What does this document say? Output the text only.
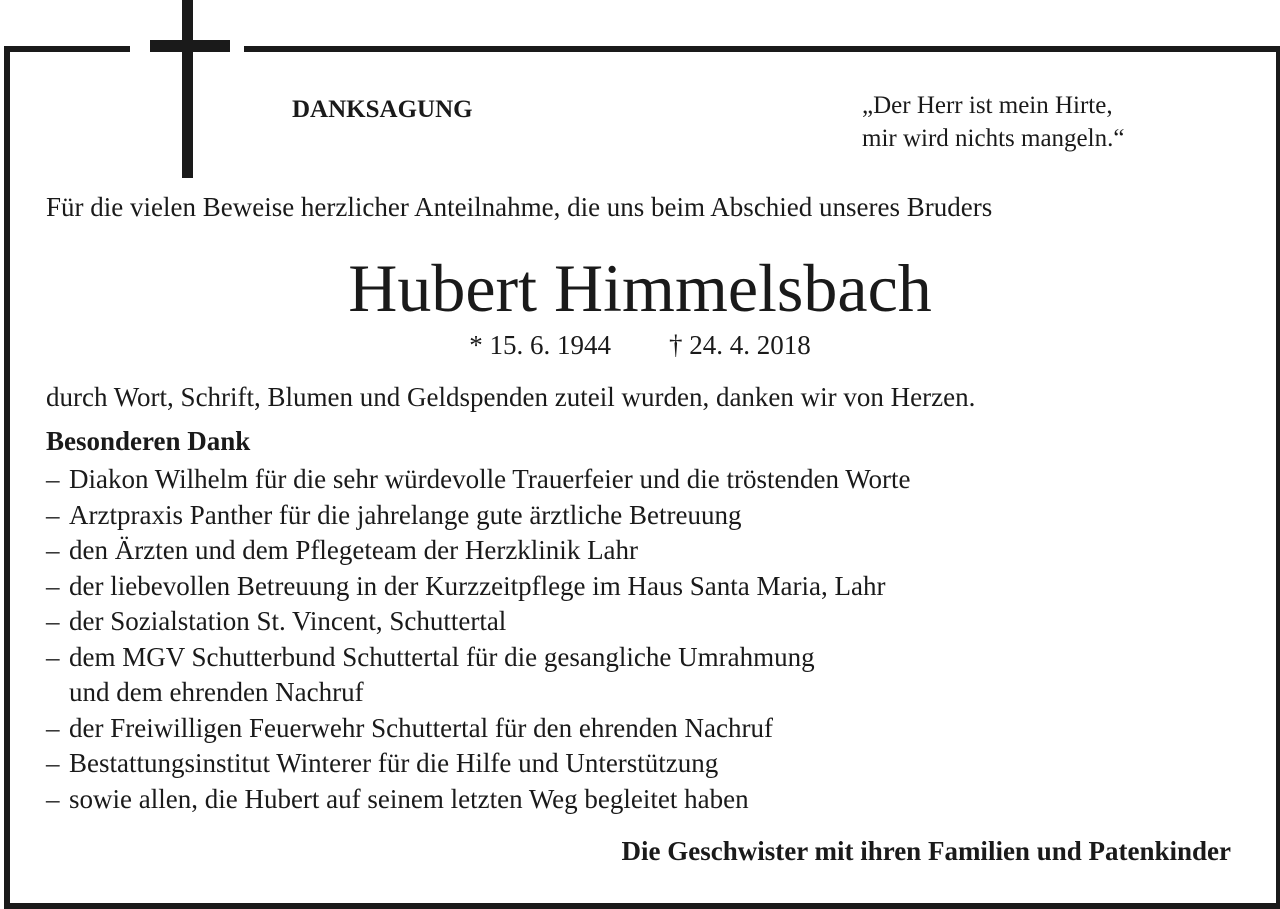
DANKSAGUNG	„Der Herr ist mein Hirte,
mir wird nichts mangeln.“
Für die vielen Beweise herzlicher Anteilnahme, die uns beim Abschied unseres Bruders
Hubert Himmelsbach
* 15. 6. 1944 † 24. 4. 2018
durch Wort, Schrift, Blumen und Geldspenden zuteil wurden, danken wir von Herzen.
Besonderen Dank
– Diakon Wilhelm für die sehr würdevolle Trauerfeier und die tröstenden Worte
– Arztpraxis Panther für die jahrelange gute ärztliche Betreuung
– den Ärzten und dem Pflegeteam der Herzklinik Lahr
– der liebevollen Betreuung in der Kurzzeitpflege im Haus Santa Maria, Lahr
– der Sozialstation St. Vincent, Schuttertal
– dem MGV Schutterbund Schuttertal für die gesangliche Umrahmung
und dem ehrenden Nachruf
– der Freiwilligen Feuerwehr Schuttertal für den ehrenden Nachruf
– Bestattungsinstitut Winterer für die Hilfe und Unterstützung
– sowie allen, die Hubert auf seinem letzten Weg begleitet haben
Die Geschwister mit ihren Familien und Patenkinder
